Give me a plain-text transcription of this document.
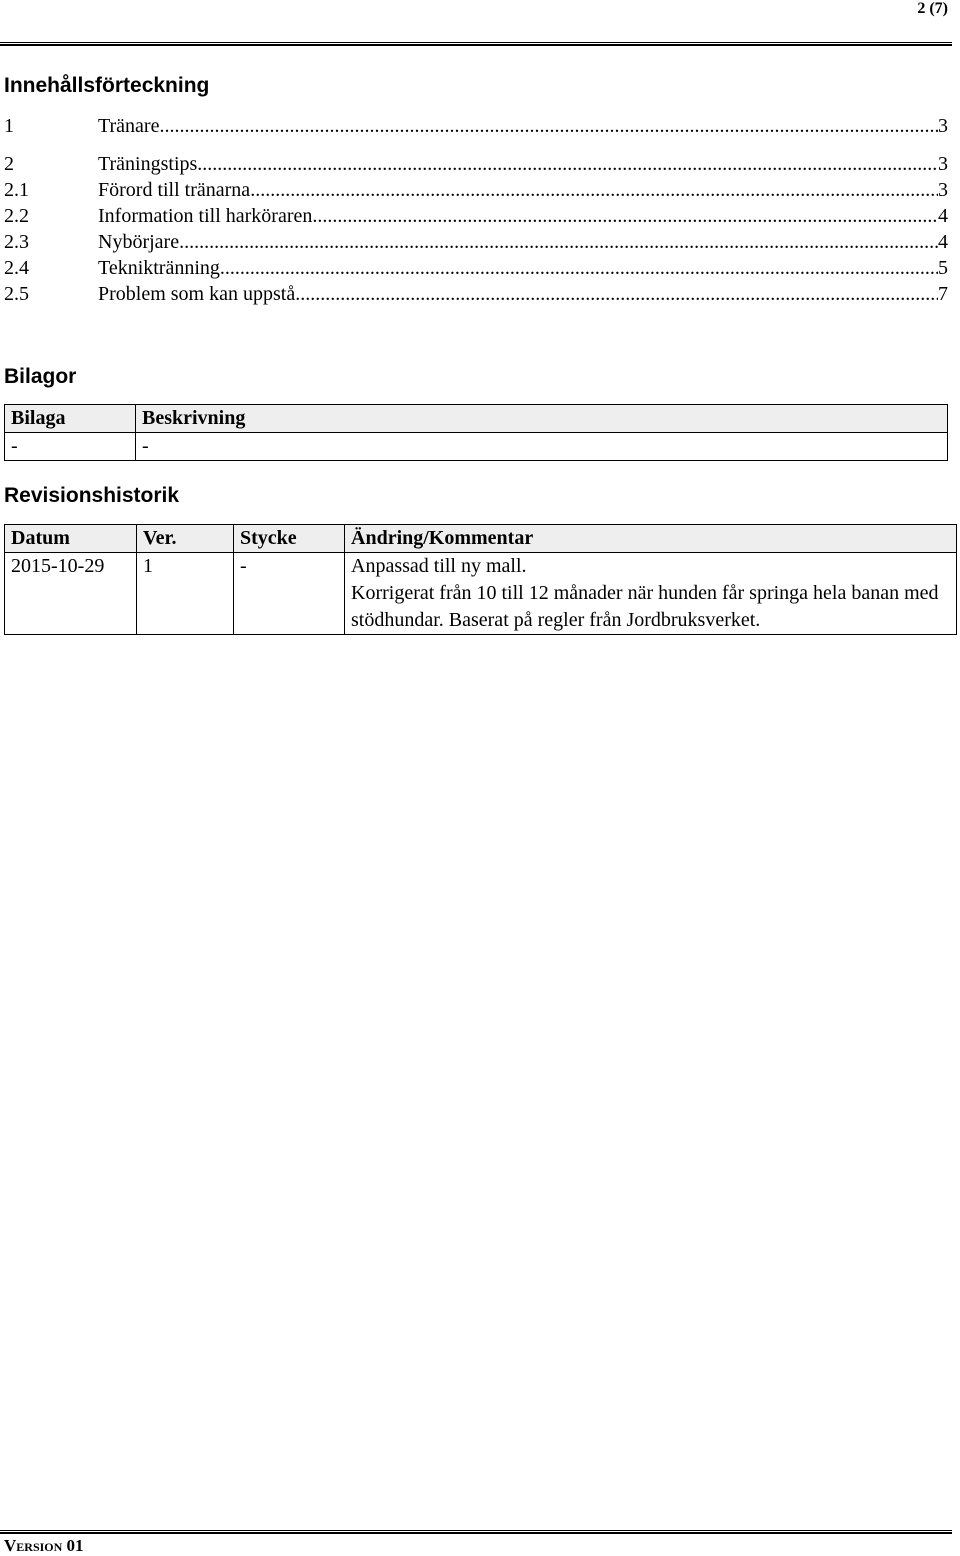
2 (7)
Innehållsförteckning
1	Tränare .....	3
2	Träningstips .....	3
2.1	Förord till tränarna .....	3
2.2	Information till harköraren .....	4
2.3	Nybörjare .....	4
2.4	Tekniktränning .....	5
2.5	Problem som kan uppstå .....	7
Bilagor
Bilaga	Beskrivning
-	-
Revisionshistorik
Datum	Ver.	Stycke	Ändring/Kommentar
2015-10-29	1	-	Anpassad till ny mall.
Korrigerat från 10 till 12 månader när hunden får springa hela banan med stödhundar. Baserat på regler från Jordbruksverket.
Version 01
